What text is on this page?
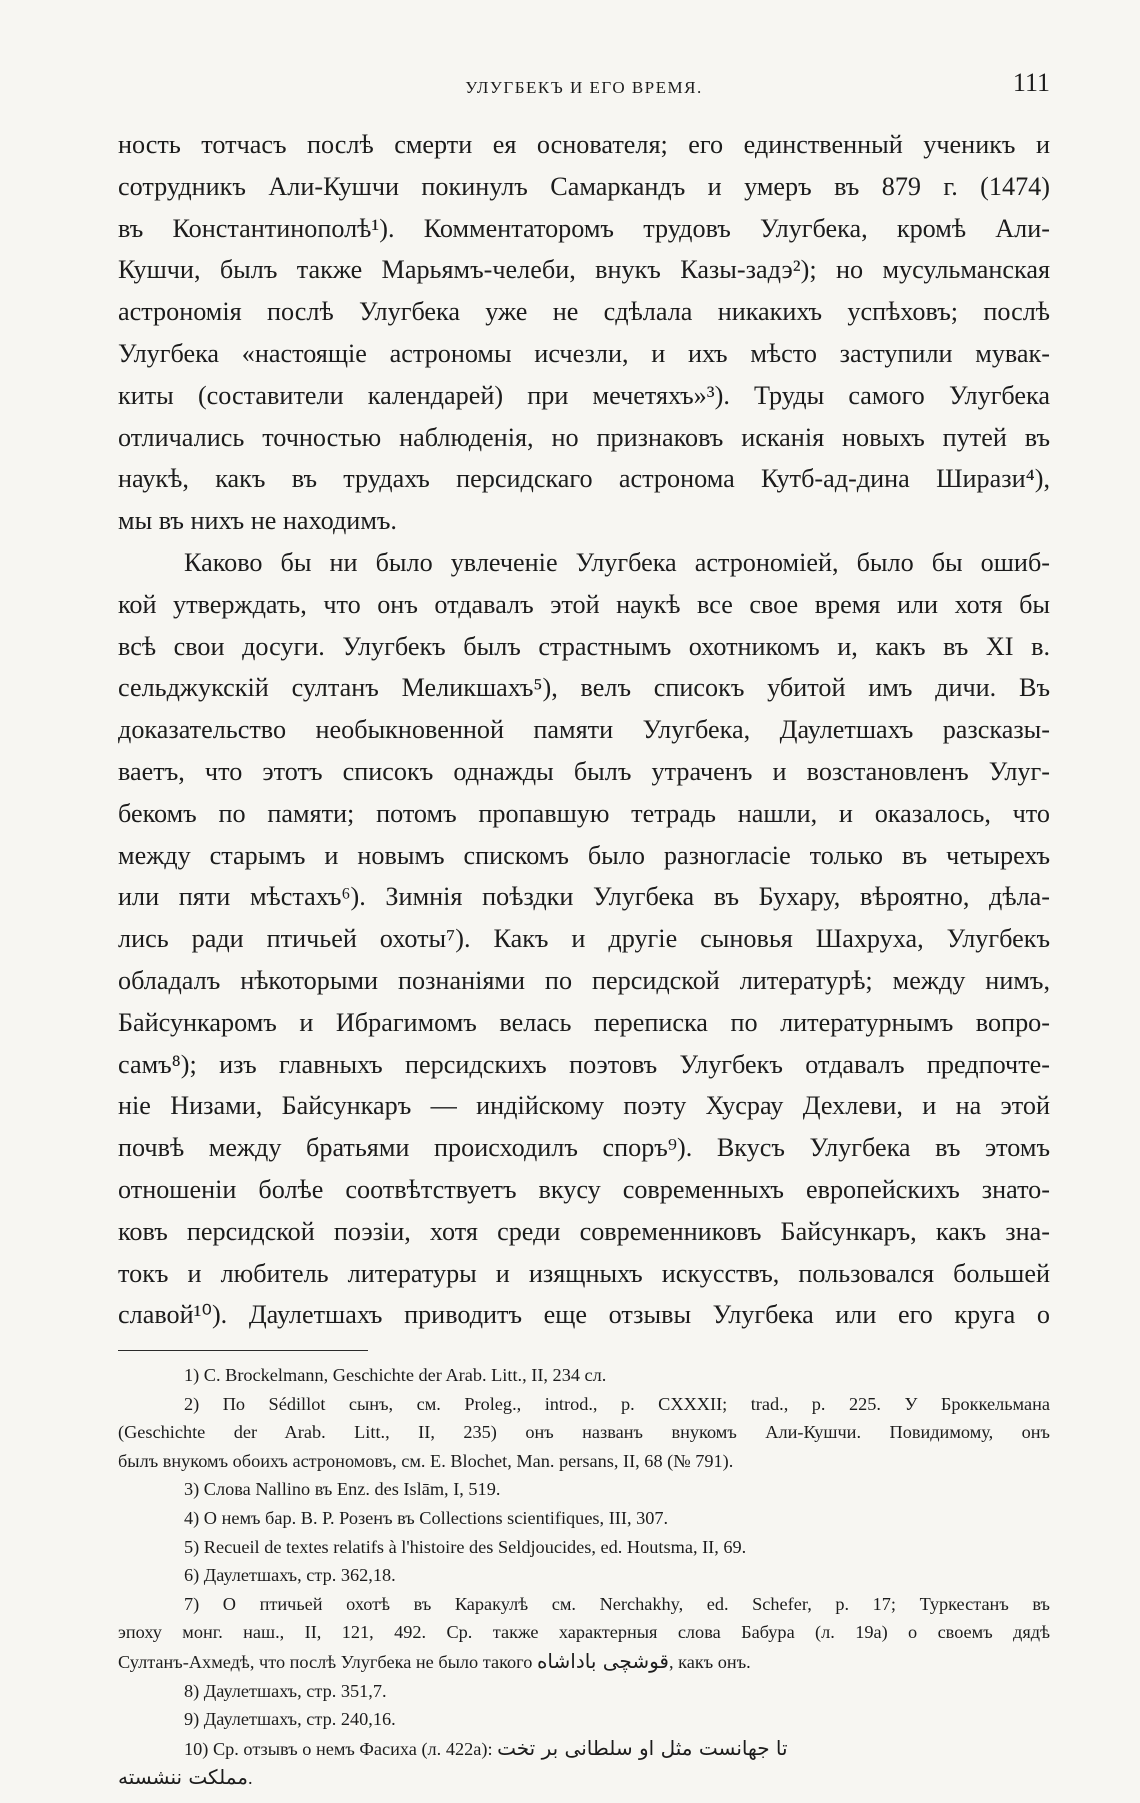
УЛУГБЕКЪ И ЕГО ВРЕМЯ.	111
ность тотчасъ послѣ смерти ея основателя; его единственный ученикъ и
сотрудникъ Али-Кушчи покинулъ Самаркандъ и умеръ въ 879 г. (1474)
въ Константинополѣ¹). Комментаторомъ трудовъ Улугбека, кромѣ Али-
Кушчи, былъ также Марьямъ-челеби, внукъ Казы-задэ²); но мусульманская
астрономія послѣ Улугбека уже не сдѣлала никакихъ успѣховъ; послѣ
Улугбека «настоящіе астрономы исчезли, и ихъ мѣсто заступили мувак-
киты (составители календарей) при мечетяхъ»³). Труды самого Улугбека
отличались точностью наблюденія, но признаковъ исканія новыхъ путей въ
наукѣ, какъ въ трудахъ персидскаго астронома Кутб-ад-дина Ширази⁴),
мы въ нихъ не находимъ.
Каково бы ни было увлеченіе Улугбека астрономіей, было бы ошиб-
кой утверждать, что онъ отдавалъ этой наукѣ все свое время или хотя бы
всѣ свои досуги. Улугбекъ былъ страстнымъ охотникомъ и, какъ въ XI в.
сельджукскій султанъ Меликшахъ⁵), велъ списокъ убитой имъ дичи. Въ
доказательство необыкновенной памяти Улугбека, Даулетшахъ разсказы-
ваетъ, что этотъ списокъ однажды былъ утраченъ и возстановленъ Улуг-
бекомъ по памяти; потомъ пропавшую тетрадь нашли, и оказалось, что
между старымъ и новымъ спискомъ было разногласіе только въ четырехъ
или пяти мѣстахъ⁶). Зимнія поѣздки Улугбека въ Бухару, вѣроятно, дѣла-
лись ради птичьей охоты⁷). Какъ и другіе сыновья Шахруха, Улугбекъ
обладалъ нѣкоторыми познаніями по персидской литературѣ; между нимъ,
Байсункаромъ и Ибрагимомъ велась переписка по литературнымъ вопро-
самъ⁸); изъ главныхъ персидскихъ поэтовъ Улугбекъ отдавалъ предпочте-
ніе Низами, Байсункаръ — индійскому поэту Хусрау Дехлеви, и на этой
почвѣ между братьями происходилъ споръ⁹). Вкусъ Улугбека въ этомъ
отношеніи болѣе соотвѣтствуетъ вкусу современныхъ европейскихъ знато-
ковъ персидской поэзіи, хотя среди современниковъ Байсункаръ, какъ зна-
токъ и любитель литературы и изящныхъ искусствъ, пользовался большей
славой¹⁰). Даулетшахъ приводитъ еще отзывы Улугбека или его круга о
1) C. Brockelmann, Geschichte der Arab. Litt., II, 234 сл.
2) По Sédillot сынъ, см. Proleg., introd., p. CXXXII; trad., p. 225. У Броккельмана
(Geschichte der Arab. Litt., II, 235) онъ названъ внукомъ Али-Кушчи. Повидимому, онъ
былъ внукомъ обоихъ астрономовъ, см. E. Blochet, Man. persans, II, 68 (№ 791).
3) Слова Nallino въ Enz. des Islām, I, 519.
4) О немъ бар. В. Р. Розенъ въ Collections scientifiques, III, 307.
5) Recueil de textes relatifs à l'histoire des Seldjoucides, ed. Houtsma, II, 69.
6) Даулетшахъ, стр. 362,18.
7) О птичьей охотѣ въ Каракулѣ см. Nerchakhy, ed. Schefer, p. 17; Туркестанъ въ
эпоху монг. наш., II, 121, 492. Ср. также характерныя слова Бабура (л. 19а) о своемъ дядѣ
Султанъ-Ахмедѣ, что послѣ Улугбека не было такого قوشچی باداشاه, какъ онъ.
8) Даулетшахъ, стр. 351,7.
9) Даулетшахъ, стр. 240,16.
10) Ср. отзывъ о немъ Фасиха (л. 422а): تا جهانست مثل او سلطانی بر تخت
مملکت ننشسته.
